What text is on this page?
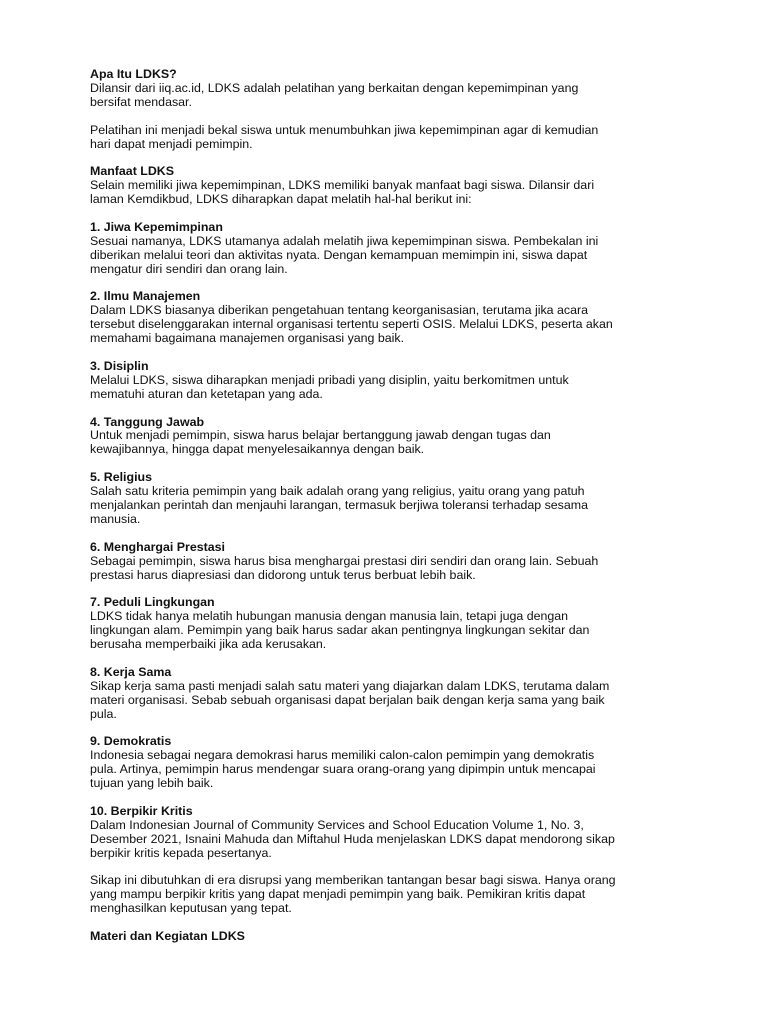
Apa Itu LDKS?
Dilansir dari iiq.ac.id, LDKS adalah pelatihan yang berkaitan dengan kepemimpinan yang
bersifat mendasar.
Pelatihan ini menjadi bekal siswa untuk menumbuhkan jiwa kepemimpinan agar di kemudian
hari dapat menjadi pemimpin.
Manfaat LDKS
Selain memiliki jiwa kepemimpinan, LDKS memiliki banyak manfaat bagi siswa. Dilansir dari
laman Kemdikbud, LDKS diharapkan dapat melatih hal-hal berikut ini:
1. Jiwa Kepemimpinan
Sesuai namanya, LDKS utamanya adalah melatih jiwa kepemimpinan siswa. Pembekalan ini
diberikan melalui teori dan aktivitas nyata. Dengan kemampuan memimpin ini, siswa dapat
mengatur diri sendiri dan orang lain.
2. Ilmu Manajemen
Dalam LDKS biasanya diberikan pengetahuan tentang keorganisasian, terutama jika acara
tersebut diselenggarakan internal organisasi tertentu seperti OSIS. Melalui LDKS, peserta akan
memahami bagaimana manajemen organisasi yang baik.
3. Disiplin
Melalui LDKS, siswa diharapkan menjadi pribadi yang disiplin, yaitu berkomitmen untuk
mematuhi aturan dan ketetapan yang ada.
4. Tanggung Jawab
Untuk menjadi pemimpin, siswa harus belajar bertanggung jawab dengan tugas dan
kewajibannya, hingga dapat menyelesaikannya dengan baik.
5. Religius
Salah satu kriteria pemimpin yang baik adalah orang yang religius, yaitu orang yang patuh
menjalankan perintah dan menjauhi larangan, termasuk berjiwa toleransi terhadap sesama
manusia.
6. Menghargai Prestasi
Sebagai pemimpin, siswa harus bisa menghargai prestasi diri sendiri dan orang lain. Sebuah
prestasi harus diapresiasi dan didorong untuk terus berbuat lebih baik.
7. Peduli Lingkungan
LDKS tidak hanya melatih hubungan manusia dengan manusia lain, tetapi juga dengan
lingkungan alam. Pemimpin yang baik harus sadar akan pentingnya lingkungan sekitar dan
berusaha memperbaiki jika ada kerusakan.
8. Kerja Sama
Sikap kerja sama pasti menjadi salah satu materi yang diajarkan dalam LDKS, terutama dalam
materi organisasi. Sebab sebuah organisasi dapat berjalan baik dengan kerja sama yang baik
pula.
9. Demokratis
Indonesia sebagai negara demokrasi harus memiliki calon-calon pemimpin yang demokratis
pula. Artinya, pemimpin harus mendengar suara orang-orang yang dipimpin untuk mencapai
tujuan yang lebih baik.
10. Berpikir Kritis
Dalam Indonesian Journal of Community Services and School Education Volume 1, No. 3,
Desember 2021, Isnaini Mahuda dan Miftahul Huda menjelaskan LDKS dapat mendorong sikap
berpikir kritis kepada pesertanya.
Sikap ini dibutuhkan di era disrupsi yang memberikan tantangan besar bagi siswa. Hanya orang
yang mampu berpikir kritis yang dapat menjadi pemimpin yang baik. Pemikiran kritis dapat
menghasilkan keputusan yang tepat.
Materi dan Kegiatan LDKS
